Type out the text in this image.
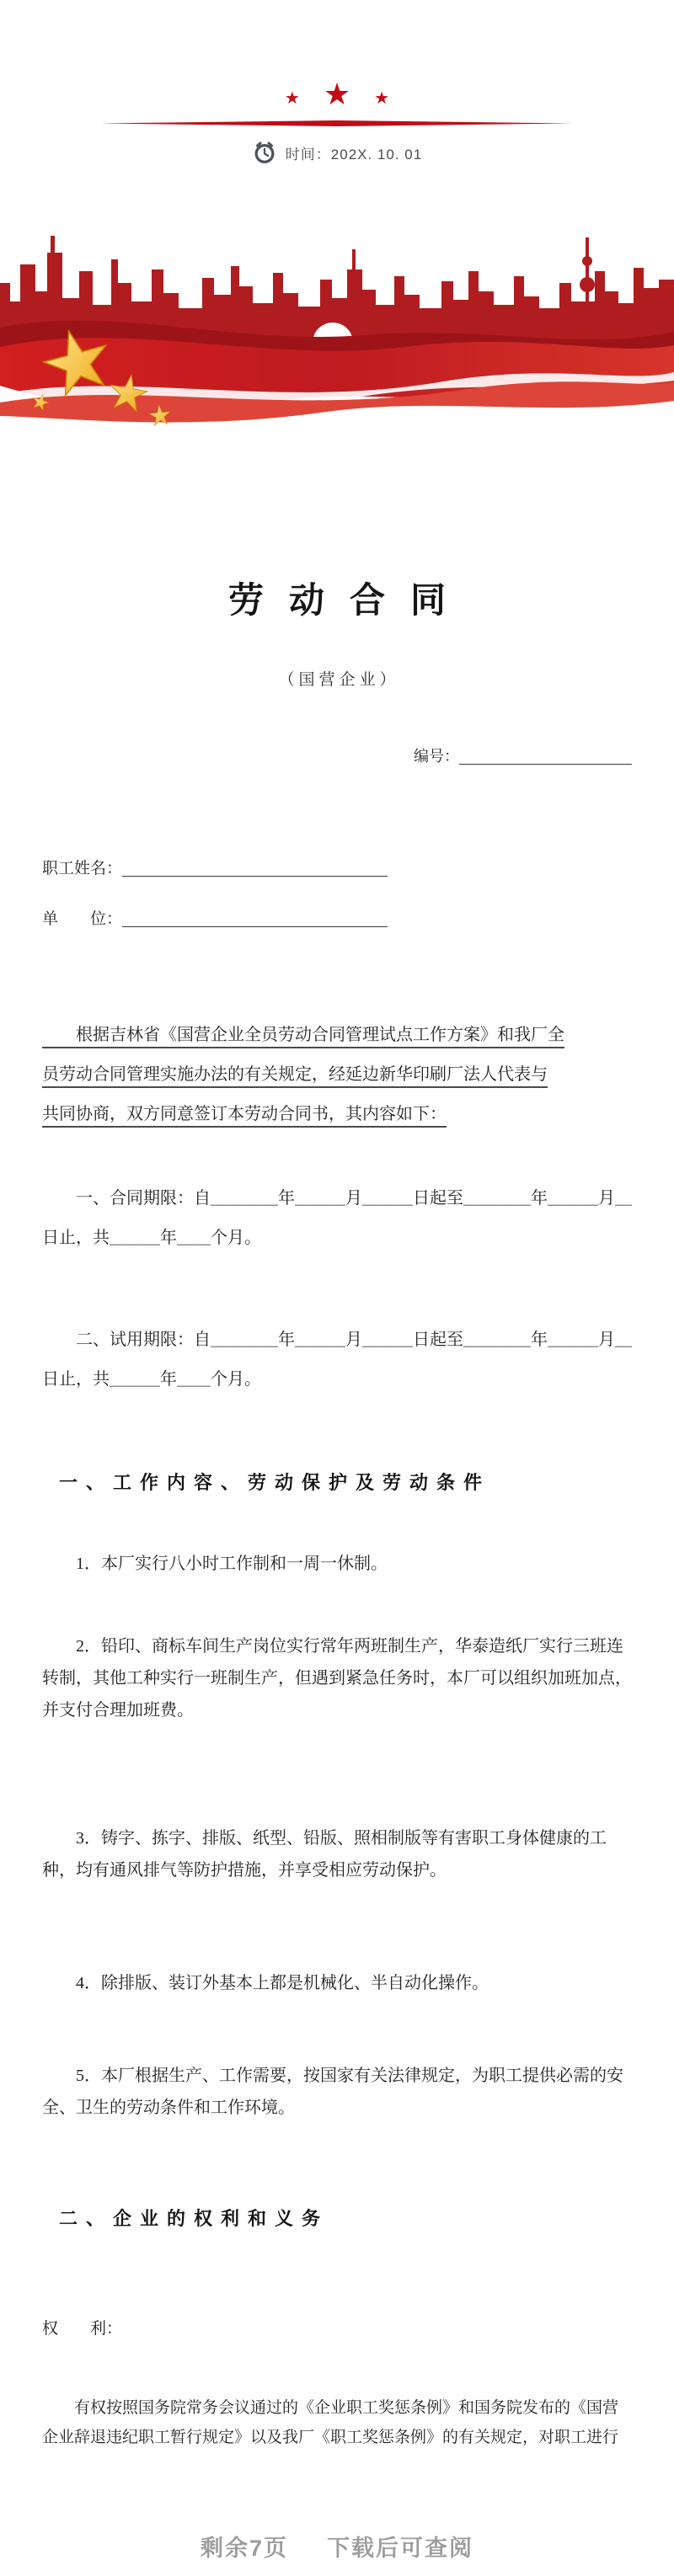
★ ★ ★
时间：202X. 10. 01
劳动合同
（国营企业）
编号：
职工姓名：
单　　位：
　　根据吉林省《国营企业全员劳动合同管理试点工作方案》和我厂全
员劳动合同管理实施办法的有关规定，经延边新华印刷厂法人代表与
共同协商，双方同意签订本劳动合同书，其内容如下：
　　一、合同期限：自＿＿＿＿年＿＿＿月＿＿＿日起至＿＿＿＿年＿＿＿月＿
日止，共＿＿＿年＿＿个月。
　　二、试用期限：自＿＿＿＿年＿＿＿月＿＿＿日起至＿＿＿＿年＿＿＿月＿
日止，共＿＿＿年＿＿个月。
一、工作内容、劳动保护及劳动条件
1．本厂实行八小时工作制和一周一休制。
2．铅印、商标车间生产岗位实行常年两班制生产，华泰造纸厂实行三班连转制，其他工种实行一班制生产，但遇到紧急任务时，本厂可以组织加班加点，并支付合理加班费。
3．铸字、拣字、排版、纸型、铅版、照相制版等有害职工身体健康的工种，均有通风排气等防护措施，并享受相应劳动保护。
4．除排版、装订外基本上都是机械化、半自动化操作。
5．本厂根据生产、工作需要，按国家有关法律规定，为职工提供必需的安全、卫生的劳动条件和工作环境。
二、企业的权利和义务
权　　利：
　　有权按照国务院常务会议通过的《企业职工奖惩条例》和国务院发布的《国营企业辞退违纪职工暂行规定》以及我厂《职工奖惩条例》的有关规定，对职工进行
剩余7页 下载后可查阅
